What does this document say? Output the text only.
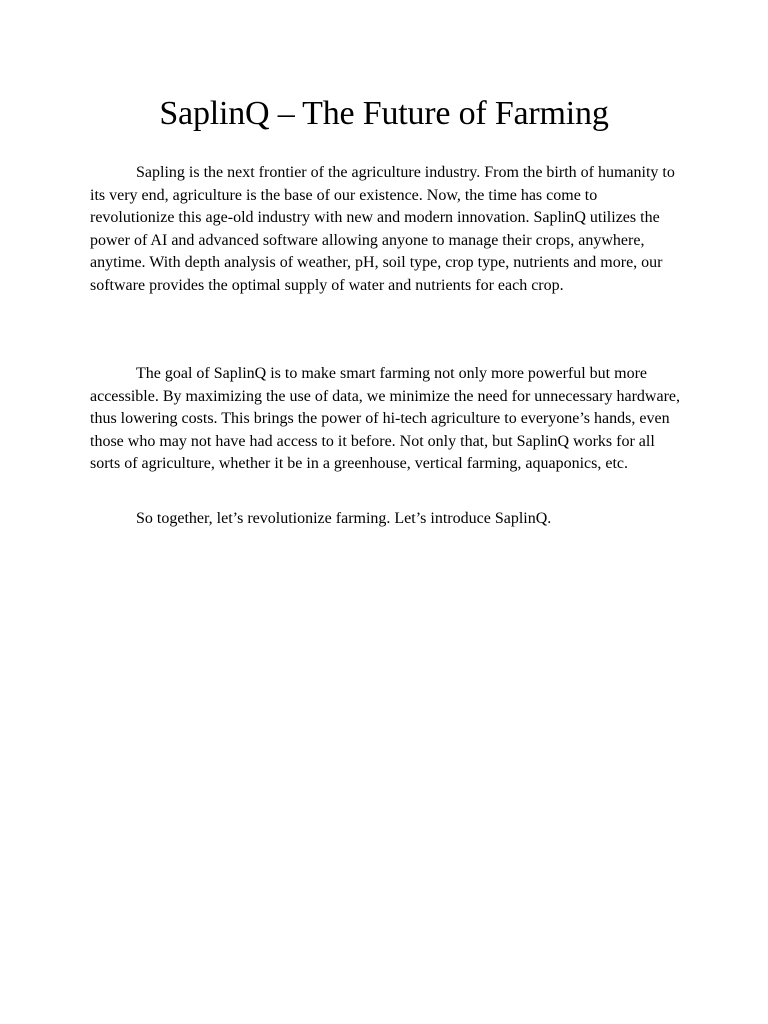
SaplinQ – The Future of Farming

Sapling is the next frontier of the agriculture industry. From the birth of humanity to its very end, agriculture is the base of our existence. Now, the time has come to revolutionize this age-old industry with new and modern innovation. SaplinQ utilizes the power of AI and advanced software allowing anyone to manage their crops, anywhere, anytime. With depth analysis of weather, pH, soil type, crop type, nutrients and more, our software provides the optimal supply of water and nutrients for each crop.

The goal of SaplinQ is to make smart farming not only more powerful but more accessible. By maximizing the use of data, we minimize the need for unnecessary hardware, thus lowering costs. This brings the power of hi-tech agriculture to everyone’s hands, even those who may not have had access to it before. Not only that, but SaplinQ works for all sorts of agriculture, whether it be in a greenhouse, vertical farming, aquaponics, etc.

So together, let’s revolutionize farming. Let’s introduce SaplinQ.
